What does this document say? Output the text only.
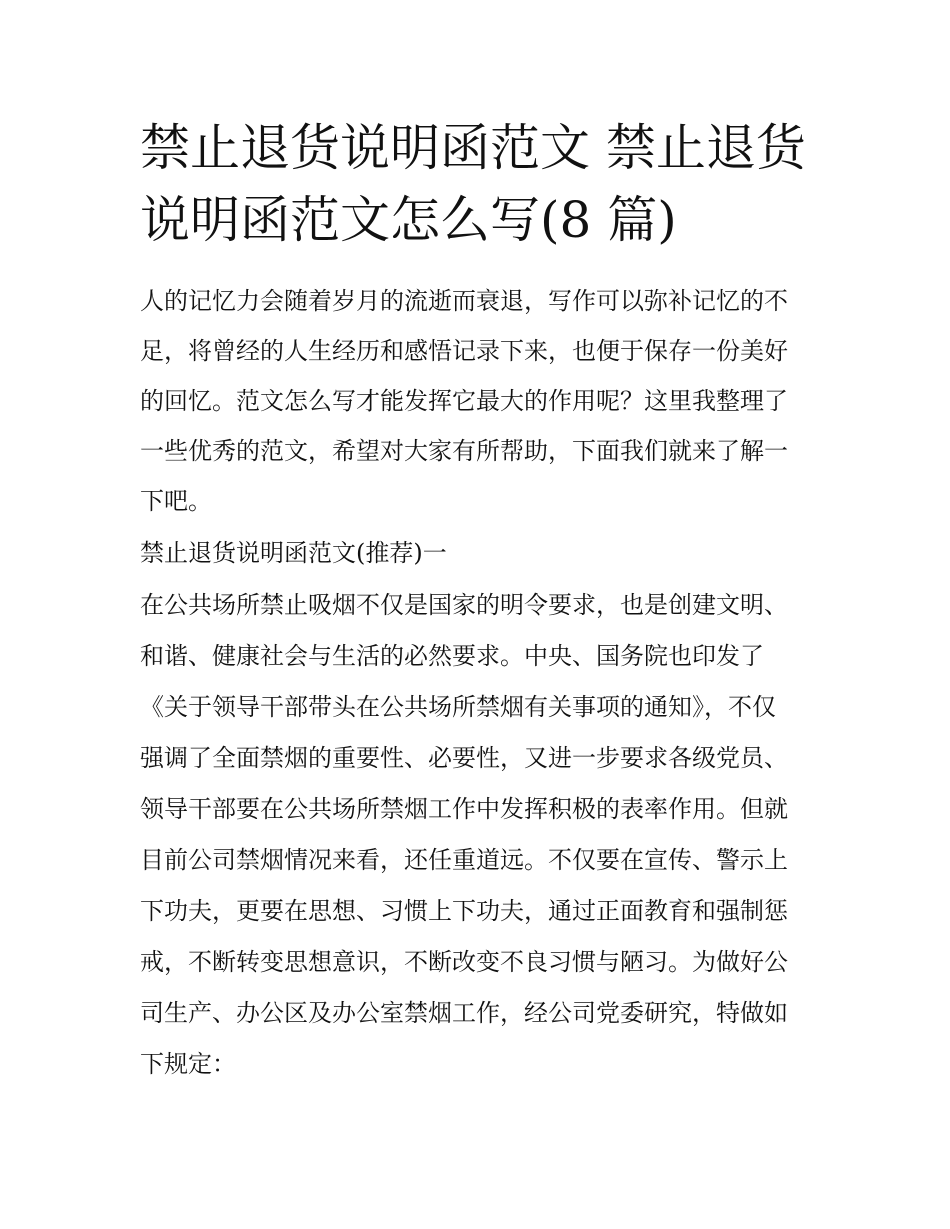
禁止退货说明函范文 禁止退货
说明函范文怎么写(8 篇)

人的记忆力会随着岁月的流逝而衰退，写作可以弥补记忆的不

足，将曾经的人生经历和感悟记录下来，也便于保存一份美好

的回忆。范文怎么写才能发挥它最大的作用呢？这里我整理了

一些优秀的范文，希望对大家有所帮助，下面我们就来了解一

下吧。

禁止退货说明函范文(推荐)一

在公共场所禁止吸烟不仅是国家的明令要求，也是创建文明、

和谐、健康社会与生活的必然要求。中央、国务院也印发了

《关于领导干部带头在公共场所禁烟有关事项的通知》，不仅

强调了全面禁烟的重要性、必要性，又进一步要求各级党员、

领导干部要在公共场所禁烟工作中发挥积极的表率作用。但就

目前公司禁烟情况来看，还任重道远。不仅要在宣传、警示上

下功夫，更要在思想、习惯上下功夫，通过正面教育和强制惩

戒，不断转变思想意识，不断改变不良习惯与陋习。为做好公

司生产、办公区及办公室禁烟工作，经公司党委研究，特做如

下规定：
